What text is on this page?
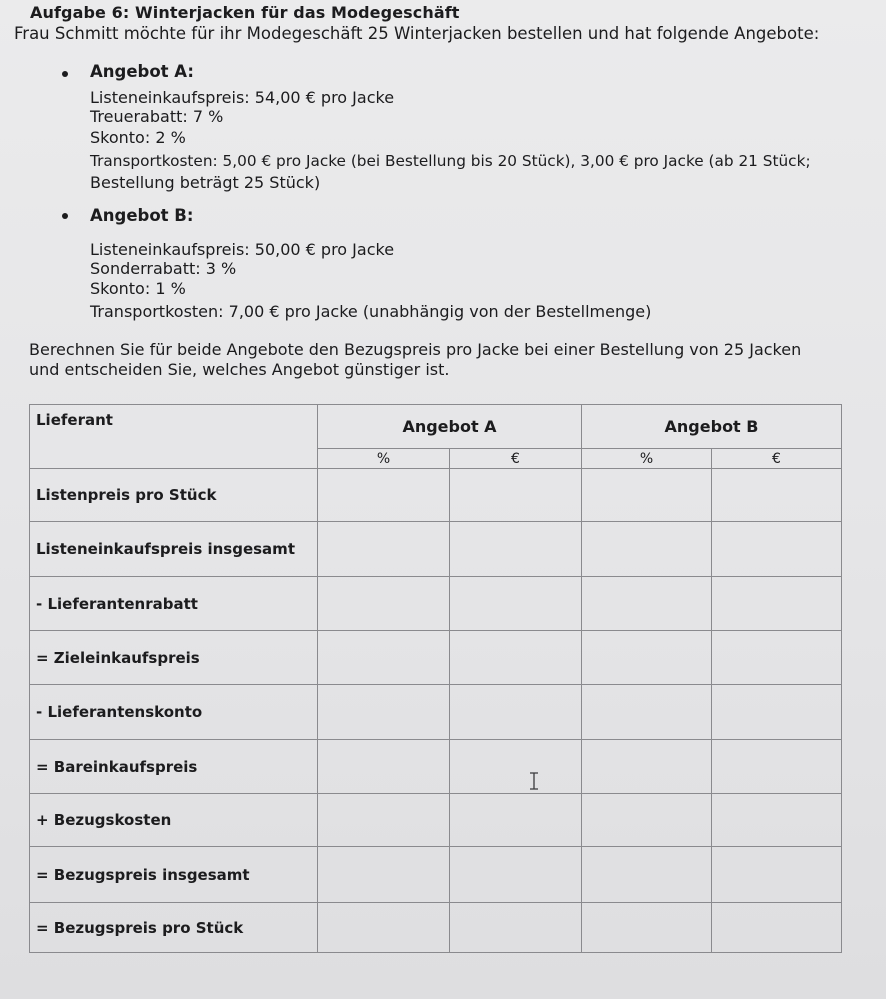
Aufgabe 6: Winterjacken für das Modegeschäft
Frau Schmitt möchte für ihr Modegeschäft 25 Winterjacken bestellen und hat folgende Angebote:
Angebot A:
Listeneinkaufspreis: 54,00 € pro Jacke
Treuerabatt: 7 %
Skonto: 2 %
Transportkosten: 5,00 € pro Jacke (bei Bestellung bis 20 Stück), 3,00 € pro Jacke (ab 21 Stück;
Bestellung beträgt 25 Stück)
Angebot B:
Listeneinkaufspreis: 50,00 € pro Jacke
Sonderrabatt: 3 %
Skonto: 1 %
Transportkosten: 7,00 € pro Jacke (unabhängig von der Bestellmenge)
Berechnen Sie für beide Angebote den Bezugspreis pro Jacke bei einer Bestellung von 25 Jacken und entscheiden Sie, welches Angebot günstiger ist.
Lieferant	Angebot A		Angebot B	
	%	€	%	€
Listenpreis pro Stück				
Listeneinkaufspreis insgesamt				
- Lieferantenrabatt				
= Zieleinkaufspreis				
- Lieferantenskonto				
= Bareinkaufspreis				
+ Bezugskosten				
= Bezugspreis insgesamt				
= Bezugspreis pro Stück				
